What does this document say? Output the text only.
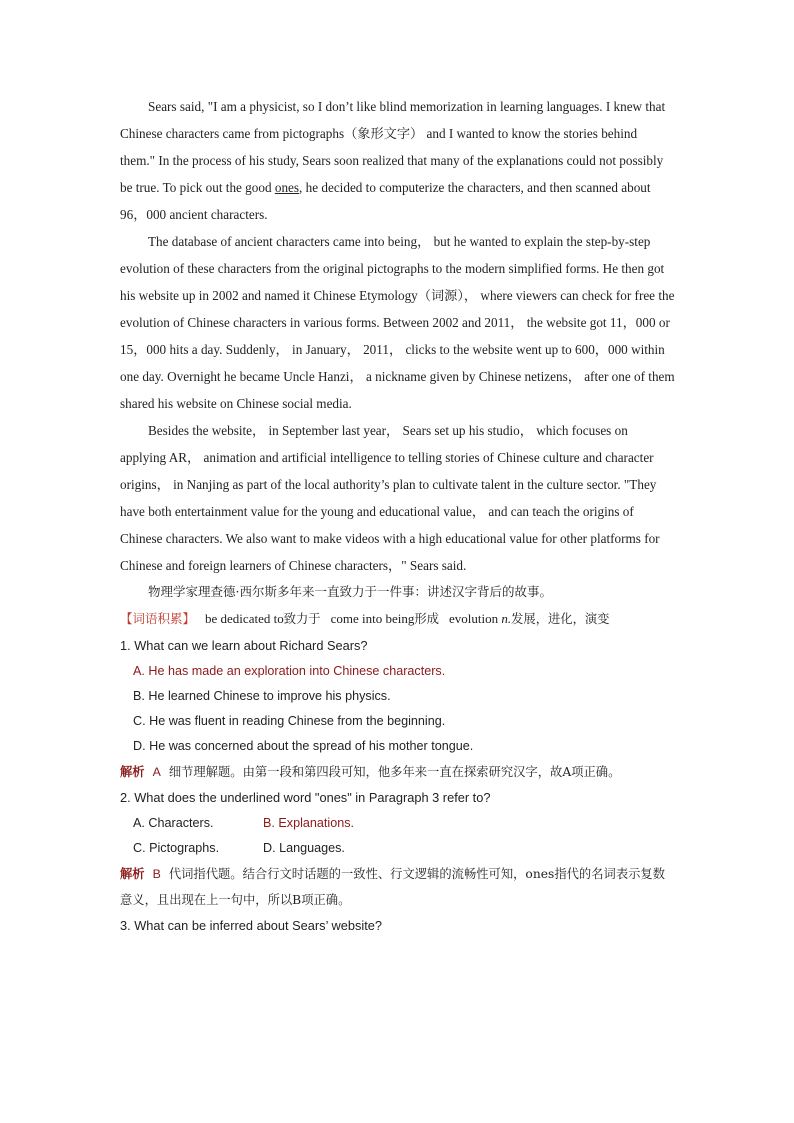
Sears said, "I am a physicist, so I don’t like blind memorization in learning languages. I knew that Chinese characters came from pictographs（象形文字） and I wanted to know the stories behind them." In the process of his study, Sears soon realized that many of the explanations could not possibly be true. To pick out the good ones, he decided to computerize the characters, and then scanned about 96，000 ancient characters.

The database of ancient characters came into being， but he wanted to explain the step-by-step evolution of these characters from the original pictographs to the modern simplified forms. He then got his website up in 2002 and named it Chinese Etymology（词源）， where viewers can check for free the evolution of Chinese characters in various forms. Between 2002 and 2011， the website got 11，000 or 15，000 hits a day. Suddenly， in January， 2011， clicks to the website went up to 600，000 within one day. Overnight he became Uncle Hanzi， a nickname given by Chinese netizens， after one of them shared his website on Chinese social media.

Besides the website， in September last year， Sears set up his studio， which focuses on applying AR， animation and artificial intelligence to telling stories of Chinese culture and character origins， in Nanjing as part of the local authority’s plan to cultivate talent in the culture sector. "They have both entertainment value for the young and educational value， and can teach the origins of Chinese characters. We also want to make videos with a high educational value for other platforms for Chinese and foreign learners of Chinese characters，" Sears said.

物理学家理查德·西尔斯多年来一直致力于一件事：讲述汉字背后的故事。

【词语积累】 be dedicated to致力于 come into being形成 evolution n.发展，进化，演变

1. What can we learn about Richard Sears?

A. He has made an exploration into Chinese characters.

B. He learned Chinese to improve his physics.

C. He was fluent in reading Chinese from the beginning.

D. He was concerned about the spread of his mother tongue.

解析 A 细节理解题。由第一段和第四段可知，他多年来一直在探索研究汉字，故A项正确。

2. What does the underlined word "ones" in Paragraph 3 refer to?

A. Characters.	B. Explanations.
C. Pictographs.	D. Languages.

解析 B 代词指代题。结合行文时话题的一致性、行文逻辑的流畅性可知，ones指代的名词表示复数意义，且出现在上一句中，所以B项正确。

3. What can be inferred about Sears’ website?
